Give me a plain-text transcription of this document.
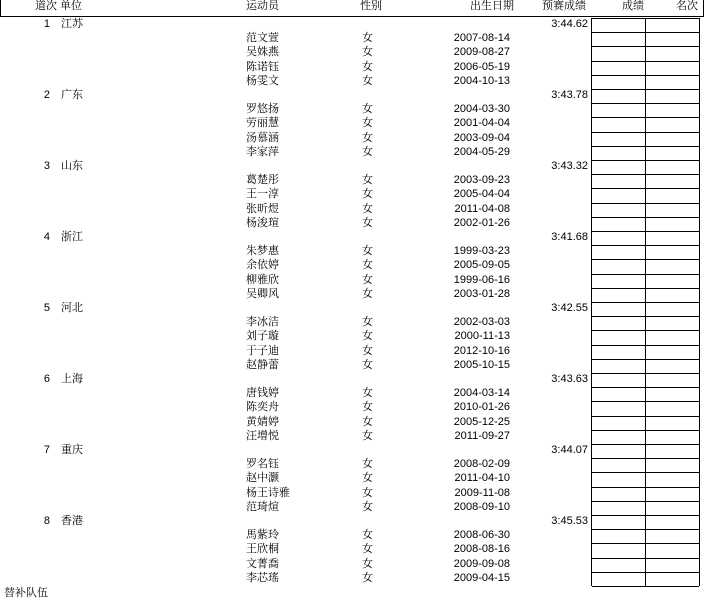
道次 单位	运动员	性别	出生日期	预赛成绩	成绩	名次
1 江苏	3:44.62
范文萱	女	2007-08-14
吴姝燕	女	2009-08-27
陈诺钰	女	2006-05-19
杨雯文	女	2004-10-13
2 广东	3:43.78
罗悠扬	女	2004-03-30
劳丽慧	女	2001-04-04
汤慕涵	女	2003-09-04
李家萍	女	2004-05-29
3 山东	3:43.32
葛楚彤	女	2003-09-23
王一淳	女	2005-04-04
张昕煜	女	2011-04-08
杨浚瑄	女	2002-01-26
4 浙江	3:41.68
朱梦惠	女	1999-03-23
余依婷	女	2005-09-05
柳雅欣	女	1999-06-16
吴卿风	女	2003-01-28
5 河北	3:42.55
李冰洁	女	2002-03-03
刘子璇	女	2000-11-13
于子迪	女	2012-10-16
赵静蕾	女	2005-10-15
6 上海	3:43.63
唐钱婷	女	2004-03-14
陈奕舟	女	2010-01-26
黄婧婷	女	2005-12-25
汪增悦	女	2011-09-27
7 重庆	3:44.07
罗名钰	女	2008-02-09
赵中灏	女	2011-04-10
杨王诗雅	女	2009-11-08
范琦煊	女	2008-09-10
8 香港	3:45.53
馬紫玲	女	2008-06-30
王欣桐	女	2008-08-16
文菁喬	女	2009-09-08
李芯瑤	女	2009-04-15
替补队伍
